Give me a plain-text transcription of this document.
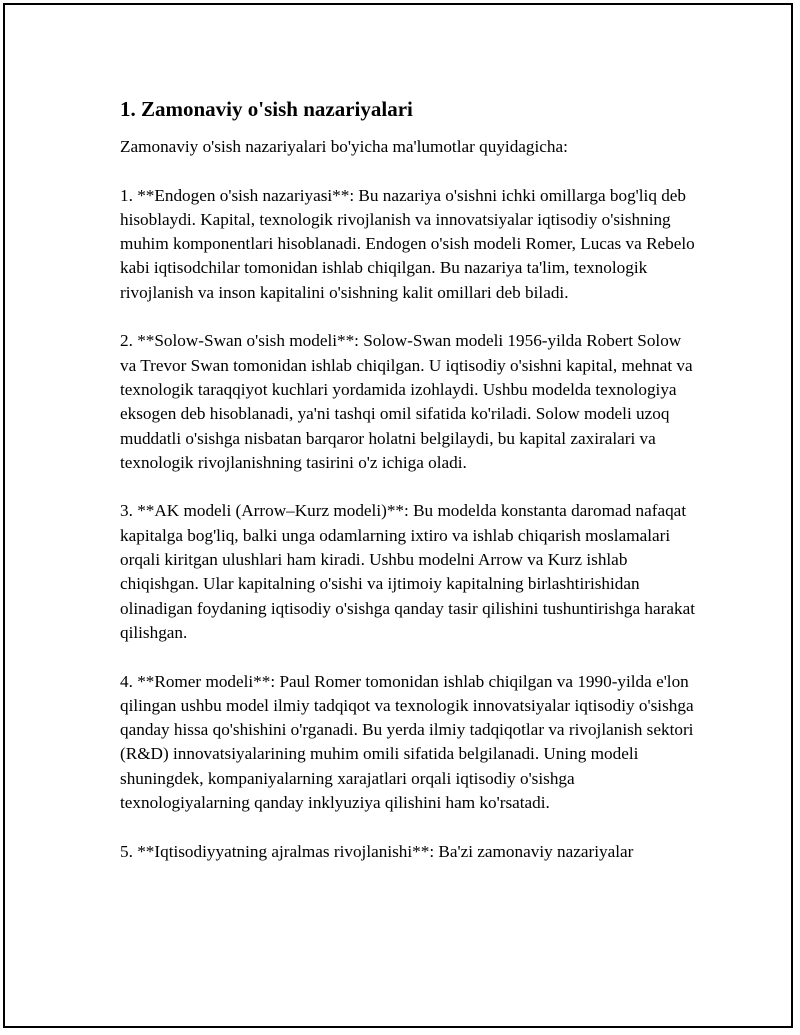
1. Zamonaviy o'sish nazariyalari
Zamonaviy o'sish nazariyalari bo'yicha ma'lumotlar quyidagicha:
1. **Endogen o'sish nazariyasi**: Bu nazariya o'sishni ichki omillarga bog'liq deb hisoblaydi. Kapital, texnologik rivojlanish va innovatsiyalar iqtisodiy o'sishning muhim komponentlari hisoblanadi. Endogen o'sish modeli Romer, Lucas va Rebelo kabi iqtisodchilar tomonidan ishlab chiqilgan. Bu nazariya ta'lim, texnologik rivojlanish va inson kapitalini o'sishning kalit omillari deb biladi.
2. **Solow-Swan o'sish modeli**: Solow-Swan modeli 1956-yilda Robert Solow va Trevor Swan tomonidan ishlab chiqilgan. U iqtisodiy o'sishni kapital, mehnat va texnologik taraqqiyot kuchlari yordamida izohlaydi. Ushbu modelda texnologiya eksogen deb hisoblanadi, ya'ni tashqi omil sifatida ko'riladi. Solow modeli uzoq muddatli o'sishga nisbatan barqaror holatni belgilaydi, bu kapital zaxiralari va texnologik rivojlanishning tasirini o'z ichiga oladi.
3. **AK modeli (Arrow–Kurz modeli)**: Bu modelda konstanta daromad nafaqat kapitalga bog'liq, balki unga odamlarning ixtiro va ishlab chiqarish moslamalari orqali kiritgan ulushlari ham kiradi. Ushbu modelni Arrow va Kurz ishlab chiqishgan. Ular kapitalning o'sishi va ijtimoiy kapitalning birlashtirishidan olinadigan foydaning iqtisodiy o'sishga qanday tasir qilishini tushuntirishga harakat qilishgan.
4. **Romer modeli**: Paul Romer tomonidan ishlab chiqilgan va 1990-yilda e'lon qilingan ushbu model ilmiy tadqiqot va texnologik innovatsiyalar iqtisodiy o'sishga qanday hissa qo'shishini o'rganadi. Bu yerda ilmiy tadqiqotlar va rivojlanish sektori (R&D) innovatsiyalarining muhim omili sifatida belgilanadi. Uning modeli shuningdek, kompaniyalarning xarajatlari orqali iqtisodiy o'sishga texnologiyalarning qanday inklyuziya qilishini ham ko'rsatadi.
5. **Iqtisodiyyatning ajralmas rivojlanishi**: Ba'zi zamonaviy nazariyalar
